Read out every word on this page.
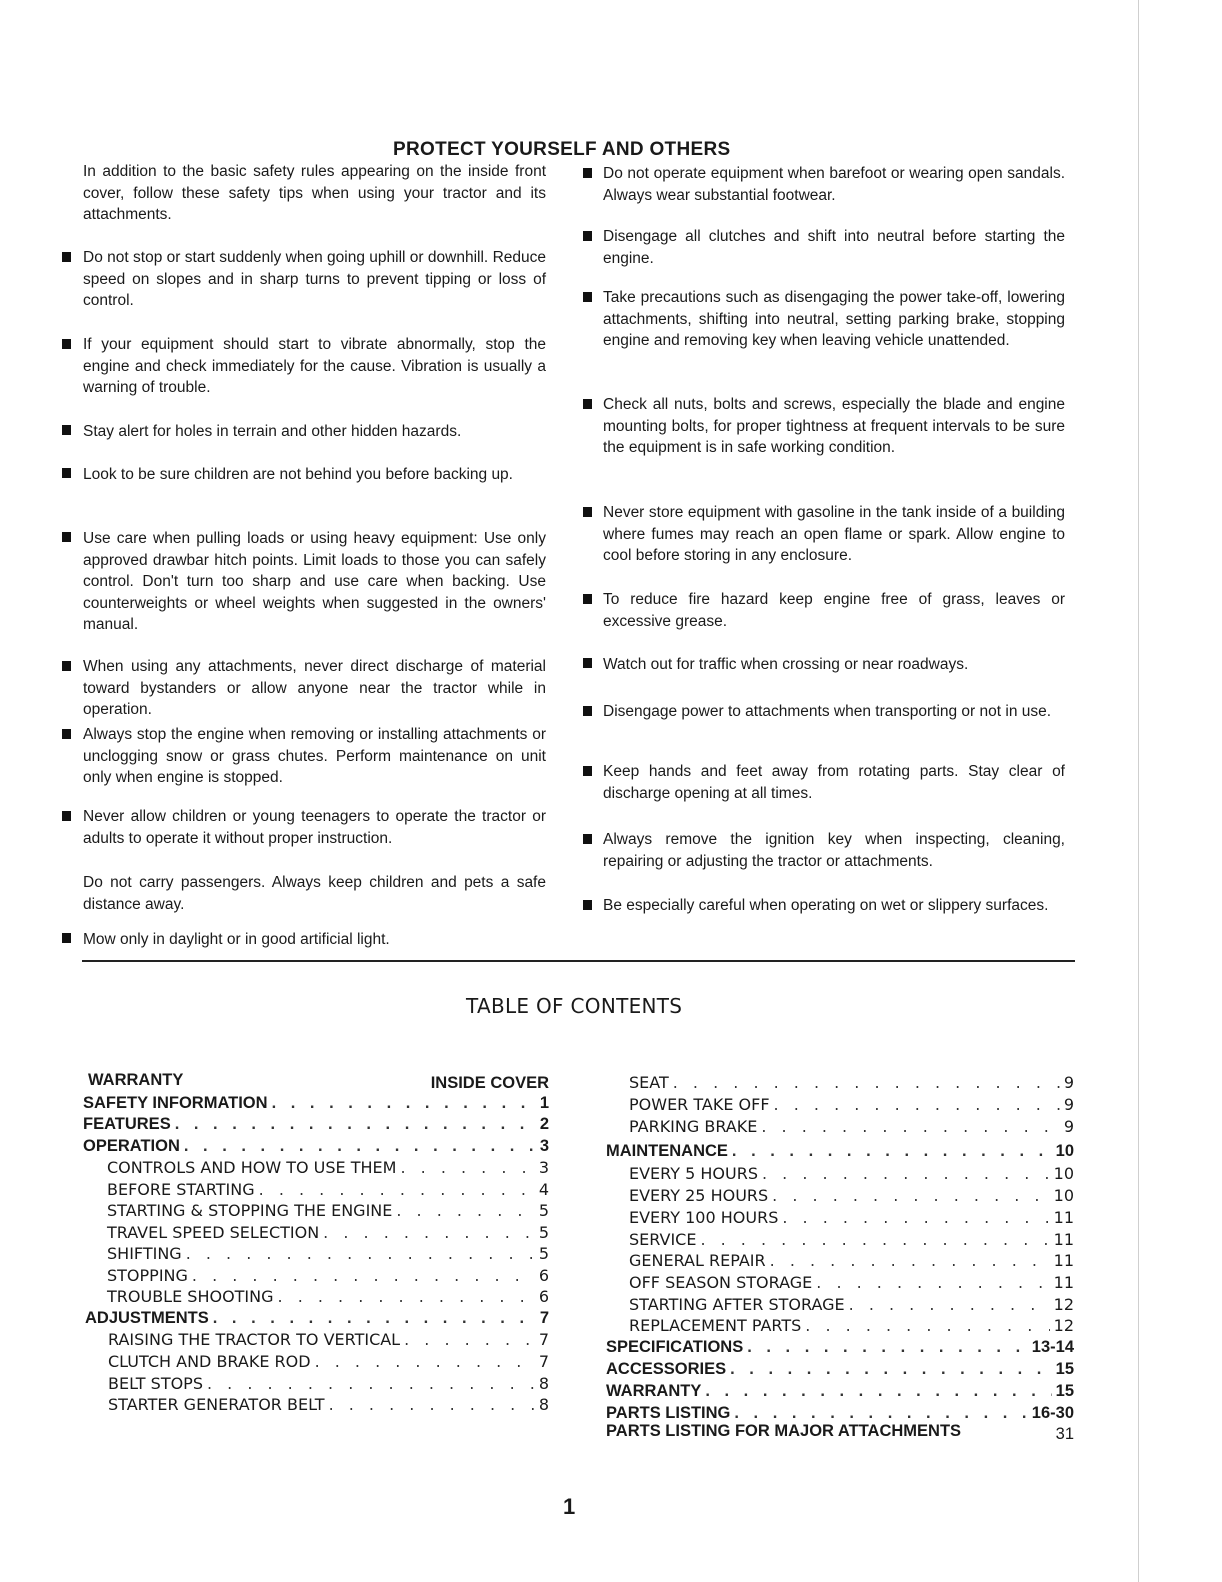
PROTECT YOURSELF AND OTHERS
In addition to the basic safety rules appearing on the inside front cover, follow these safety tips when using your tractor and its attachments.
Do not stop or start suddenly when going uphill or downhill. Reduce speed on slopes and in sharp turns to prevent tipping or loss of control.
If your equipment should start to vibrate abnormally, stop the engine and check immediately for the cause. Vibration is usually a warning of trouble.
Stay alert for holes in terrain and other hidden hazards.
Look to be sure children are not behind you before backing up.
Use care when pulling loads or using heavy equipment: Use only approved drawbar hitch points. Limit loads to those you can safely control. Don't turn too sharp and use care when backing. Use counterweights or wheel weights when suggested in the owners' manual.
When using any attachments, never direct discharge of material toward bystanders or allow anyone near the tractor while in operation.
Always stop the engine when removing or installing attachments or unclogging snow or grass chutes. Perform maintenance on unit only when engine is stopped.
Never allow children or young teenagers to operate the tractor or adults to operate it without proper instruction.
Do not carry passengers. Always keep children and pets a safe distance away.
Mow only in daylight or in good artificial light.
Do not operate equipment when barefoot or wearing open sandals. Always wear substantial footwear.
Disengage all clutches and shift into neutral before starting the engine.
Take precautions such as disengaging the power take-off, lowering attachments, shifting into neutral, setting parking brake, stopping engine and removing key when leaving vehicle unattended.
Check all nuts, bolts and screws, especially the blade and engine mounting bolts, for proper tightness at frequent intervals to be sure the equipment is in safe working condition.
Never store equipment with gasoline in the tank inside of a building where fumes may reach an open flame or spark. Allow engine to cool before storing in any enclosure.
To reduce fire hazard keep engine free of grass, leaves or excessive grease.
Watch out for traffic when crossing or near roadways.
Disengage power to attachments when transporting or not in use.
Keep hands and feet away from rotating parts. Stay clear of discharge opening at all times.
Always remove the ignition key when inspecting, cleaning, repairing or adjusting the tractor or attachments.
Be especially careful when operating on wet or slippery surfaces.
TABLE OF CONTENTS
WARRANTY	INSIDE COVER
SAFETY INFORMATION . . .	1
FEATURES . . .	2
OPERATION . . .	3
CONTROLS AND HOW TO USE THEM . . .	3
BEFORE STARTING . . .	4
STARTING & STOPPING THE ENGINE . . .	5
TRAVEL SPEED SELECTION . . .	5
SHIFTING . . .	5
STOPPING . . .	6
TROUBLE SHOOTING . . .	6
ADJUSTMENTS . . .	7
RAISING THE TRACTOR TO VERTICAL . . .	7
CLUTCH AND BRAKE ROD . . .	7
BELT STOPS . . .	8
STARTER GENERATOR BELT . . .	8
SEAT . . .	9
POWER TAKE OFF . . .	9
PARKING BRAKE . . .	9
MAINTENANCE . . .	10
EVERY 5 HOURS . . .	10
EVERY 25 HOURS . . .	10
EVERY 100 HOURS . . .	11
SERVICE . . .	11
GENERAL REPAIR . . .	11
OFF SEASON STORAGE . . .	11
STARTING AFTER STORAGE . . .	12
REPLACEMENT PARTS . . .	12
SPECIFICATIONS . . .	13-14
ACCESSORIES . . .	15
WARRANTY . . .	15
PARTS LISTING . . .	16-30
PARTS LISTING FOR MAJOR ATTACHMENTS	31
1
